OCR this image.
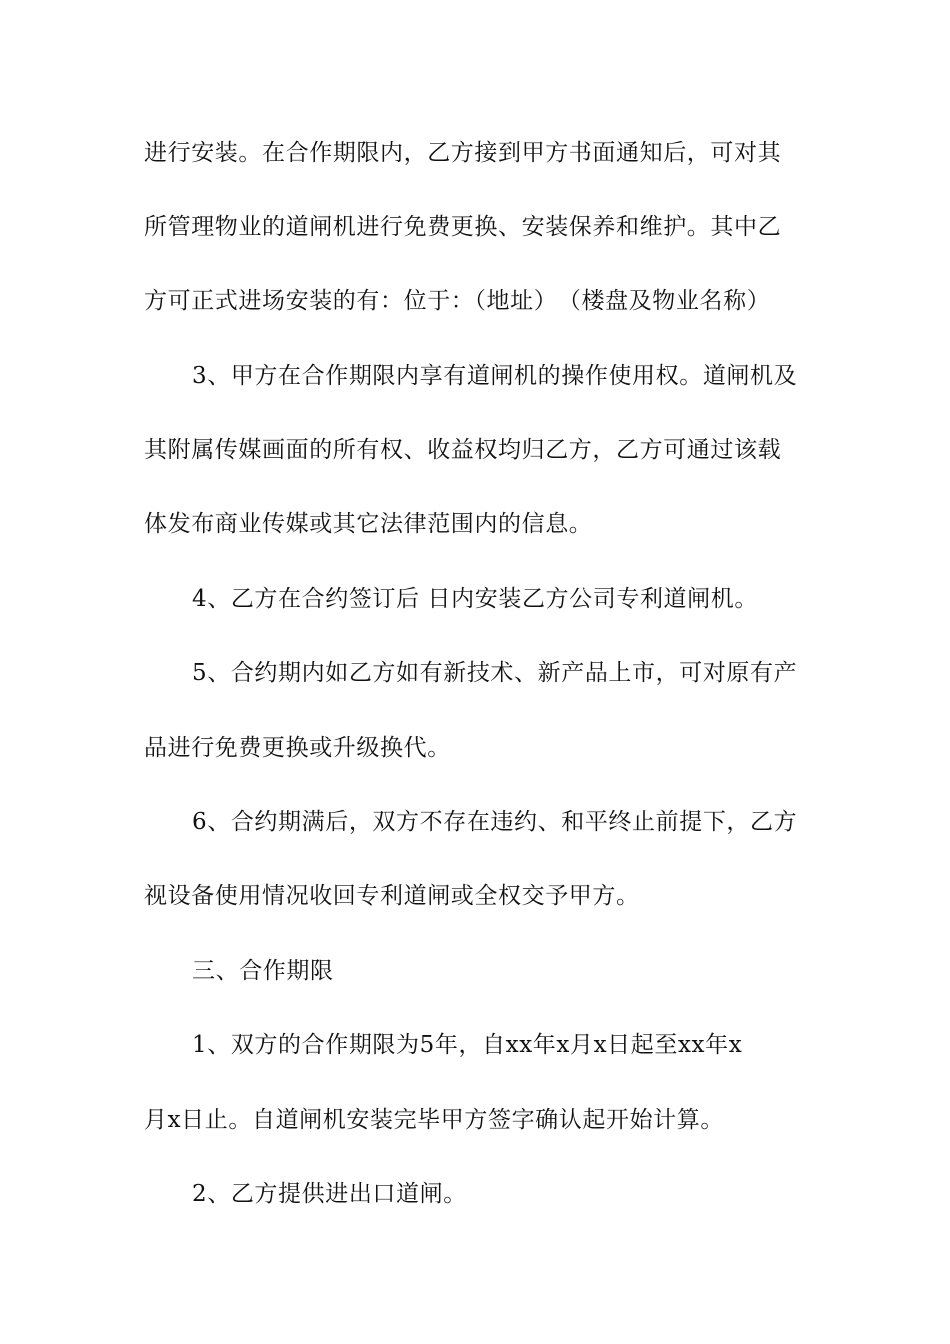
进行安装。在合作期限内，乙方接到甲方书面通知后，可对其
所管理物业的道闸机进行免费更换、安装保养和维护。其中乙
方可正式进场安装的有：位于：（地址）　（楼盘及物业名称）
3、甲方在合作期限内享有道闸机的操作使用权。道闸机及
其附属传媒画面的所有权、收益权均归乙方，乙方可通过该载
体发布商业传媒或其它法律范围内的信息。
4、乙方在合约签订后 日内安装乙方公司专利道闸机。
5、合约期内如乙方如有新技术、新产品上市，可对原有产
品进行免费更换或升级换代。
6、合约期满后，双方不存在违约、和平终止前提下，乙方
视设备使用情况收回专利道闸或全权交予甲方。
三、合作期限
1、双方的合作期限为5年，自xx年x月x日起至xx年x
月x日止。自道闸机安装完毕甲方签字确认起开始计算。
2、乙方提供进出口道闸。
